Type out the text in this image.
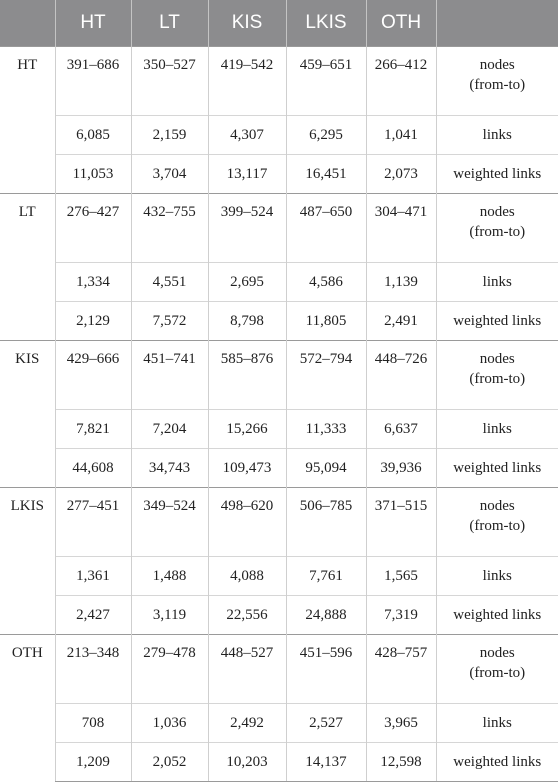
	HT	LT	KIS	LKIS	OTH	
HT	391–686	350–527	419–542	459–651	266–412	nodes (from-to)
	6,085	2,159	4,307	6,295	1,041	links
	11,053	3,704	13,117	16,451	2,073	weighted links
LT	276–427	432–755	399–524	487–650	304–471	nodes (from-to)
	1,334	4,551	2,695	4,586	1,139	links
	2,129	7,572	8,798	11,805	2,491	weighted links
KIS	429–666	451–741	585–876	572–794	448–726	nodes (from-to)
	7,821	7,204	15,266	11,333	6,637	links
	44,608	34,743	109,473	95,094	39,936	weighted links
LKIS	277–451	349–524	498–620	506–785	371–515	nodes (from-to)
	1,361	1,488	4,088	7,761	1,565	links
	2,427	3,119	22,556	24,888	7,319	weighted links
OTH	213–348	279–478	448–527	451–596	428–757	nodes (from-to)
	708	1,036	2,492	2,527	3,965	links
	1,209	2,052	10,203	14,137	12,598	weighted links
